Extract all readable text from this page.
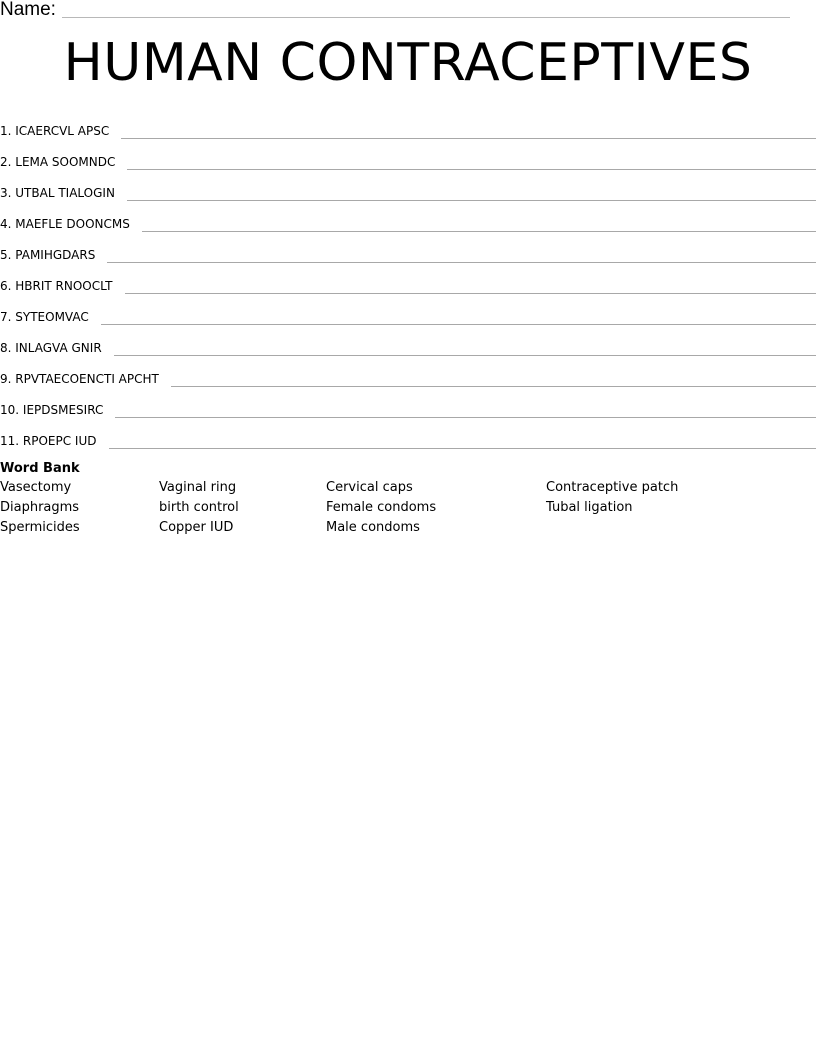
Name:
HUMAN CONTRACEPTIVES
1. ICAERCVL APSC
2. LEMA SOOMNDC
3. UTBAL TIALOGIN
4. MAEFLE DOONCMS
5. PAMIHGDARS
6. HBRIT RNOOCLT
7. SYTEOMVAC
8. INLAGVA GNIR
9. RPVTAECOENCTI APCHT
10. IEPDSMESIRC
11. RPOEPC IUD
Word Bank
Vasectomy
Diaphragms
Spermicides
Vaginal ring
birth control
Copper IUD
Cervical caps
Female condoms
Male condoms
Contraceptive patch
Tubal ligation
